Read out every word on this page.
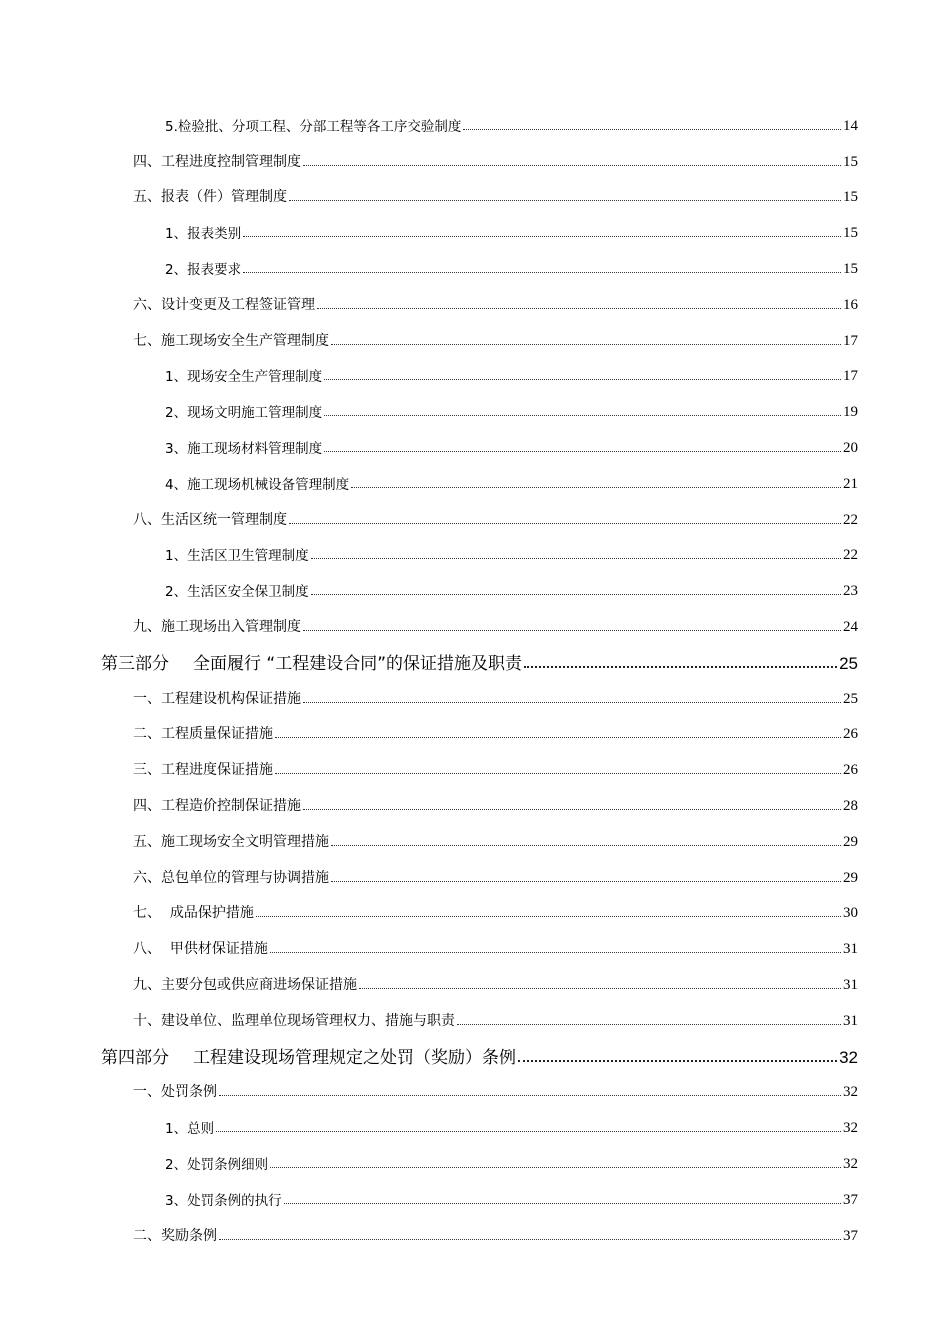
5.检验批、分项工程、分部工程等各工序交验制度	14
四、工程进度控制管理制度	15
五、报表（件）管理制度	15
1、报表类别	15
2、报表要求	15
六、设计变更及工程签证管理	16
七、施工现场安全生产管理制度	17
1、现场安全生产管理制度	17
2、现场文明施工管理制度	19
3、施工现场材料管理制度	20
4、施工现场机械设备管理制度	21
八、生活区统一管理制度	22
1、生活区卫生管理制度	22
2、生活区安全保卫制度	23
九、施工现场出入管理制度	24
第三部分 全面履行 “工程建设合同”的保证措施及职责	25
一、工程建设机构保证措施	25
二、工程质量保证措施	26
三、工程进度保证措施	26
四、工程造价控制保证措施	28
五、施工现场安全文明管理措施	29
六、总包单位的管理与协调措施	29
七、  成品保护措施	30
八、  甲供材保证措施	31
九、主要分包或供应商进场保证措施	31
十、建设单位、监理单位现场管理权力、措施与职责	31
第四部分 工程建设现场管理规定之处罚（奖励）条例	32
一、处罚条例	32
1、总则	32
2、处罚条例细则	32
3、处罚条例的执行	37
二、奖励条例	37
